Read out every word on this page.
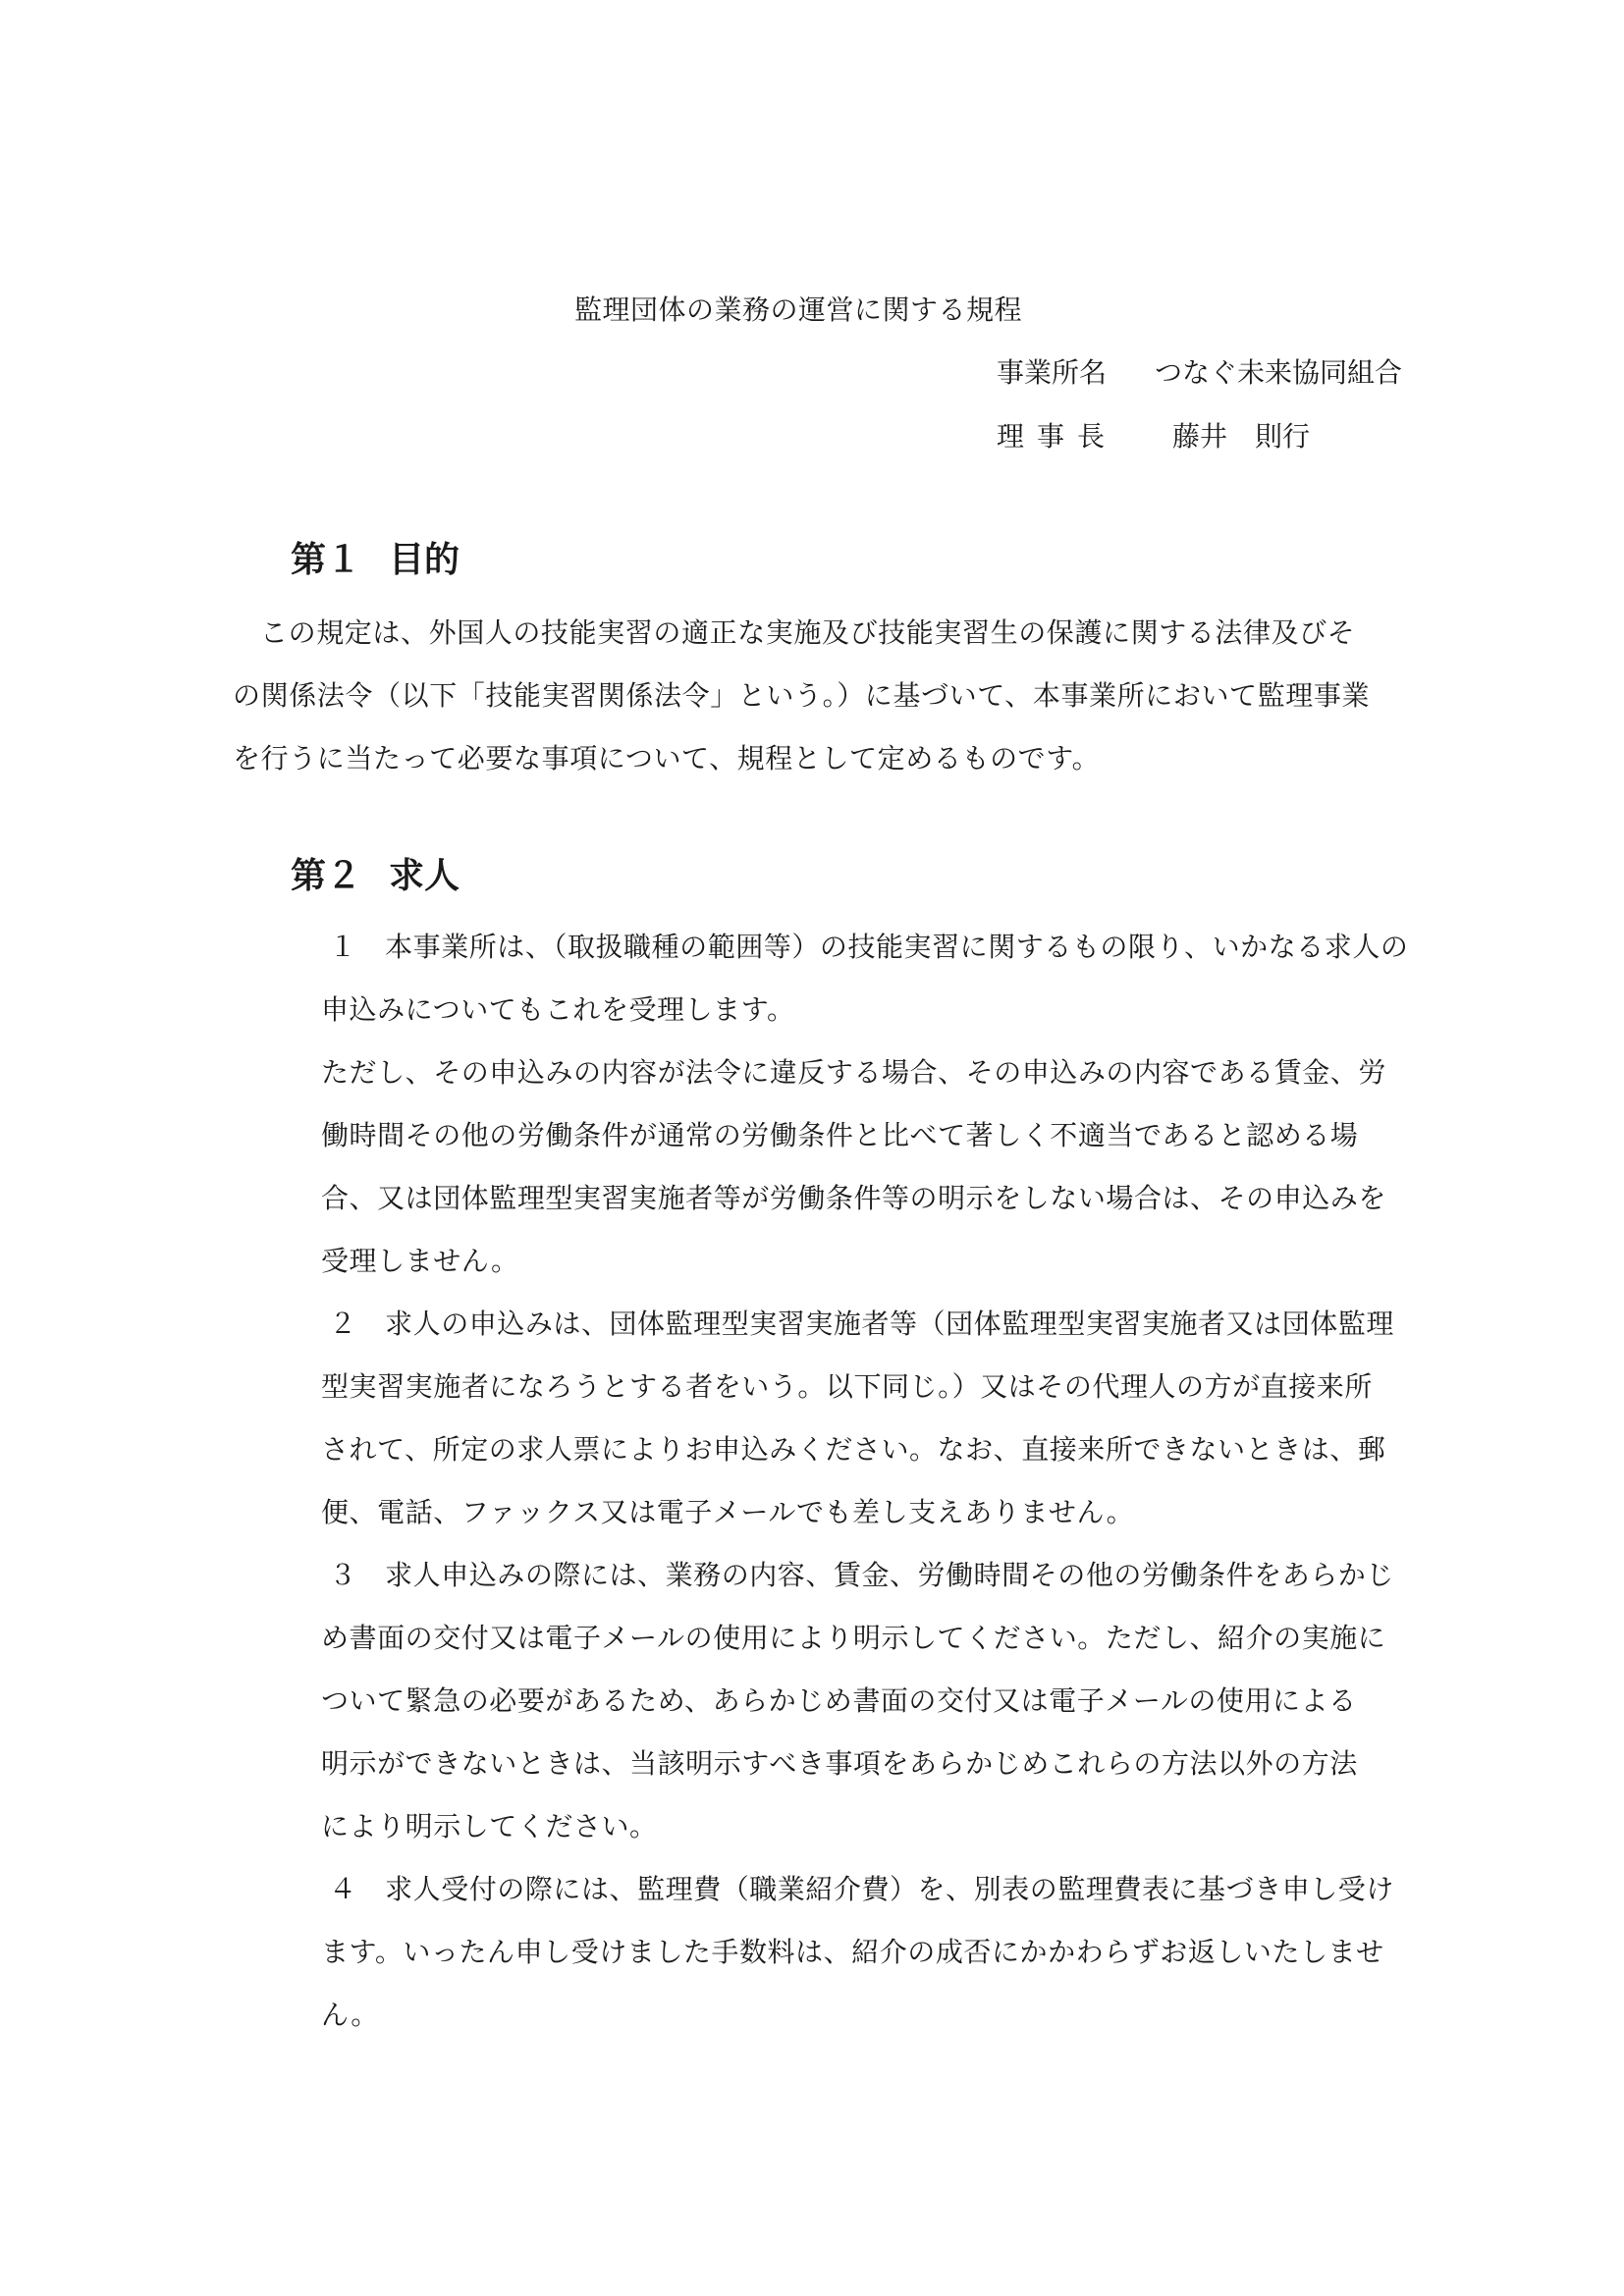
監理団体の業務の運営に関する規程
事業所名 つなぐ未来協同組合
理事長 藤井　則行
第１ 目的
この規定は、外国人の技能実習の適正な実施及び技能実習生の保護に関する法律及びそ
の関係法令（以下「技能実習関係法令」という。）に基づいて、本事業所において監理事業
を行うに当たって必要な事項について、規程として定めるものです。
第２ 求人
１　本事業所は、（取扱職種の範囲等）の技能実習に関するもの限り、いかなる求人の
申込みについてもこれを受理します。
ただし、その申込みの内容が法令に違反する場合、その申込みの内容である賃金、労
働時間その他の労働条件が通常の労働条件と比べて著しく不適当であると認める場
合、又は団体監理型実習実施者等が労働条件等の明示をしない場合は、その申込みを
受理しません。
２　求人の申込みは、団体監理型実習実施者等（団体監理型実習実施者又は団体監理
型実習実施者になろうとする者をいう。以下同じ。）又はその代理人の方が直接来所
されて、所定の求人票によりお申込みください。なお、直接来所できないときは、郵
便、電話、ファックス又は電子メールでも差し支えありません。
３　求人申込みの際には、業務の内容、賃金、労働時間その他の労働条件をあらかじ
め書面の交付又は電子メールの使用により明示してください。ただし、紹介の実施に
ついて緊急の必要があるため、あらかじめ書面の交付又は電子メールの使用による
明示ができないときは、当該明示すべき事項をあらかじめこれらの方法以外の方法
により明示してください。
４　求人受付の際には、監理費（職業紹介費）を、別表の監理費表に基づき申し受け
ます。いったん申し受けました手数料は、紹介の成否にかかわらずお返しいたしませ
ん。
